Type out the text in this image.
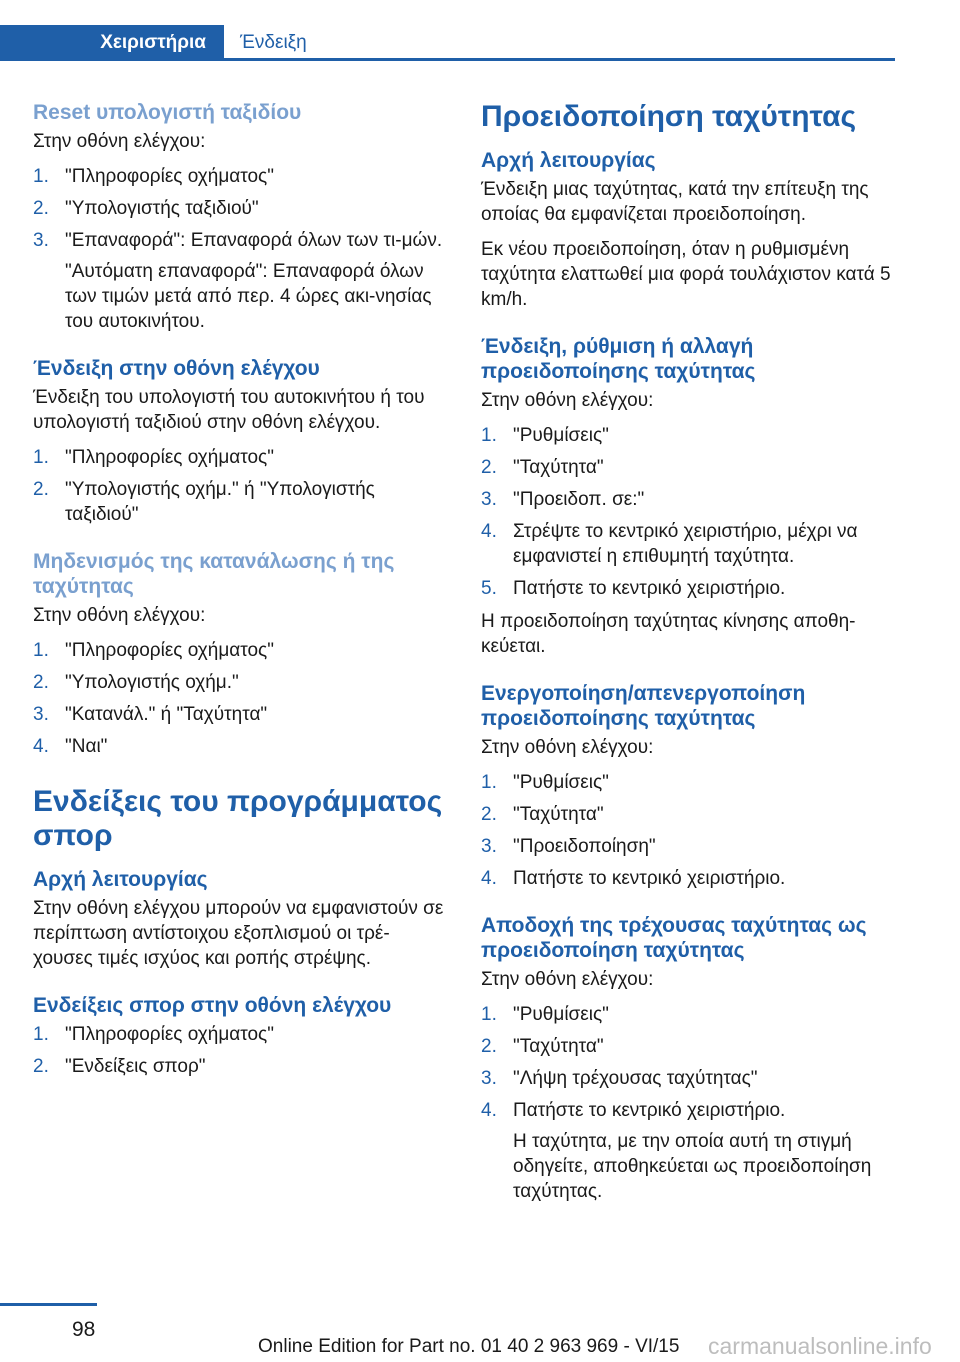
Χειριστήρια	Ένδειξη
Reset υπολογιστή ταξιδίου

Στην οθόνη ελέγχου:

1. "Πληροφορίες οχήματος"
2. "Υπολογιστής ταξιδιού"
3. "Επαναφορά": Επαναφορά όλων των τι-μών.
"Αυτόματη επαναφορά": Επαναφορά όλων των τιμών μετά από περ. 4 ώρες ακι-νησίας του αυτοκινήτου.
Ένδειξη στην οθόνη ελέγχου

Ένδειξη του υπολογιστή του αυτοκινήτου ή του υπολογιστή ταξιδιού στην οθόνη ελέγχου.

1. "Πληροφορίες οχήματος"
2. "Υπολογιστής οχήμ." ή "Υπολογιστής ταξιδιού"
Μηδενισμός της κατανάλωσης ή της ταχύτητας

Στην οθόνη ελέγχου:

1. "Πληροφορίες οχήματος"
2. "Υπολογιστής οχήμ."
3. "Κατανάλ." ή "Ταχύτητα"
4. "Ναι"
Ενδείξεις του προγράμματος σπορ
Αρχή λειτουργίας

Στην οθόνη ελέγχου μπορούν να εμφανιστούν σε περίπτωση αντίστοιχου εξοπλισμού οι τρέ-χουσες τιμές ισχύος και ροπής στρέψης.

Ενδείξεις σπορ στην οθόνη ελέγχου
1. "Πληροφορίες οχήματος"
2. "Ενδείξεις σπορ"
Προειδοποίηση ταχύτητας
Αρχή λειτουργίας

Ένδειξη μιας ταχύτητας, κατά την επίτευξη της οποίας θα εμφανίζεται προειδοποίηση.

Εκ νέου προειδοποίηση, όταν η ρυθμισμένη ταχύτητα ελαττωθεί μια φορά τουλάχιστον κατά 5 km/h.

Ένδειξη, ρύθμιση ή αλλαγή προειδοποίησης ταχύτητας

Στην οθόνη ελέγχου:

1. "Ρυθμίσεις"
2. "Ταχύτητα"
3. "Προειδοπ. σε:"
4. Στρέψτε το κεντρικό χειριστήριο, μέχρι να εμφανιστεί η επιθυμητή ταχύτητα.
5. Πατήστε το κεντρικό χειριστήριο.

Η προειδοποίηση ταχύτητας κίνησης αποθη-κεύεται.

Ενεργοποίηση/απενεργοποίηση προειδοποίησης ταχύτητας

Στην οθόνη ελέγχου:

1. "Ρυθμίσεις"
2. "Ταχύτητα"
3. "Προειδοποίηση"
4. Πατήστε το κεντρικό χειριστήριο.
Αποδοχή της τρέχουσας ταχύτητας ως προειδοποίηση ταχύτητας

Στην οθόνη ελέγχου:

1. "Ρυθμίσεις"
2. "Ταχύτητα"
3. "Λήψη τρέχουσας ταχύτητας"
4. Πατήστε το κεντρικό χειριστήριο.
Η ταχύτητα, με την οποία αυτή τη στιγμή οδηγείτε, αποθηκεύεται ως προειδοποίηση ταχύτητας.
98
Online Edition for Part no. 01 40 2 963 969 - VI/15 carmanualsonline.info
